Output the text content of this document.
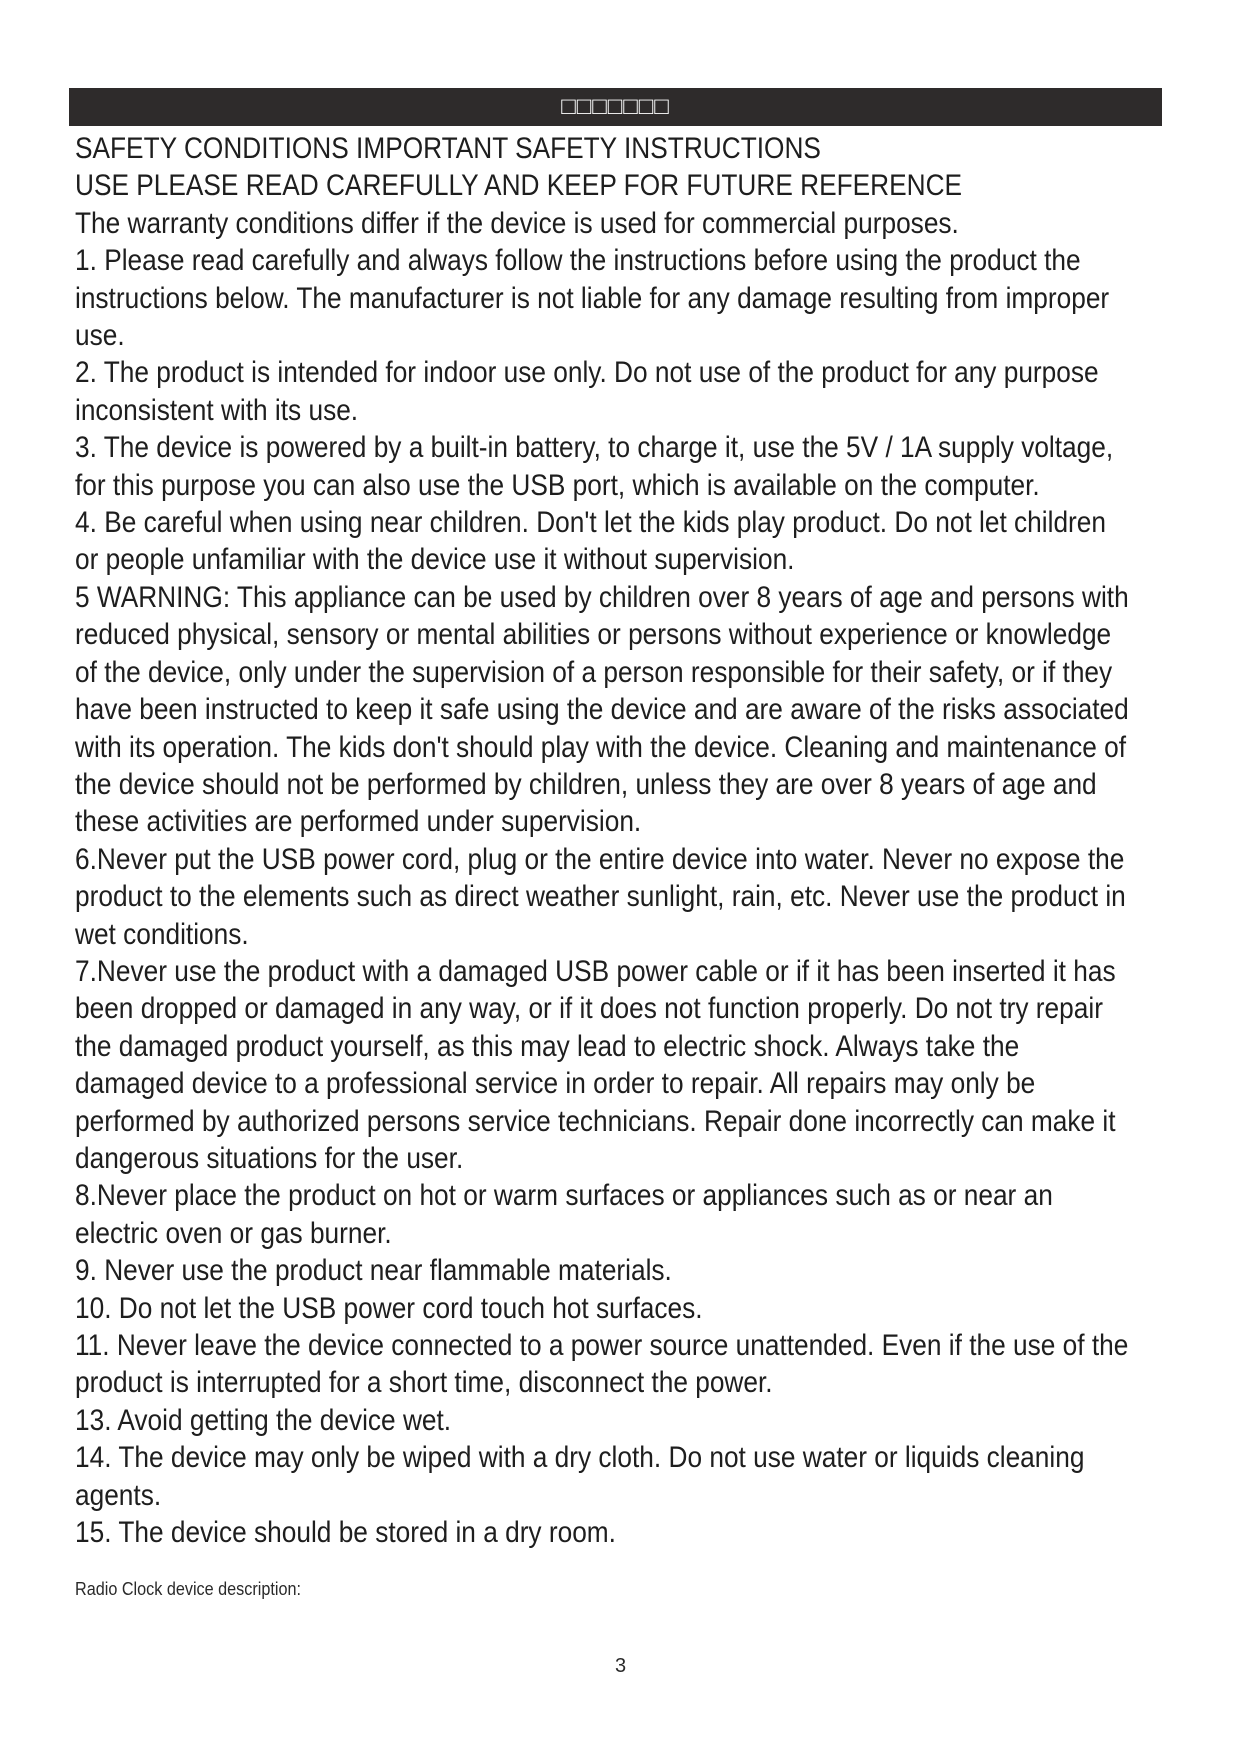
□□□□□□□
SAFETY CONDITIONS IMPORTANT SAFETY INSTRUCTIONS
USE PLEASE READ CAREFULLY AND KEEP FOR FUTURE REFERENCE
The warranty conditions differ if the device is used for commercial purposes.
1. Please read carefully and always follow the instructions before using the product the
instructions below. The manufacturer is not liable for any damage resulting from improper
use.
2. The product is intended for indoor use only. Do not use of the product for any purpose
inconsistent with its use.
3. The device is powered by a built-in battery, to charge it, use the 5V / 1A supply voltage,
for this purpose you can also use the USB port, which is available on the computer.
4. Be careful when using near children. Don't let the kids play product. Do not let children
or people unfamiliar with the device use it without supervision.
5 WARNING: This appliance can be used by children over 8 years of age and persons with
reduced physical, sensory or mental abilities or persons without experience or knowledge
of the device, only under the supervision of a person responsible for their safety, or if they
have been instructed to keep it safe using the device and are aware of the risks associated
with its operation. The kids don't should play with the device. Cleaning and maintenance of
the device should not be performed by children, unless they are over 8 years of age and
these activities are performed under supervision.
6.Never put the USB power cord, plug or the entire device into water. Never no expose the
product to the elements such as direct weather sunlight, rain, etc. Never use the product in
wet conditions.
7.Never use the product with a damaged USB power cable or if it has been inserted it has
been dropped or damaged in any way, or if it does not function properly. Do not try repair
the damaged product yourself, as this may lead to electric shock. Always take the
damaged device to a professional service in order to repair. All repairs may only be
performed by authorized persons service technicians. Repair done incorrectly can make it
dangerous situations for the user.
8.Never place the product on hot or warm surfaces or appliances such as or near an
electric oven or gas burner.
9. Never use the product near flammable materials.
10. Do not let the USB power cord touch hot surfaces.
11. Never leave the device connected to a power source unattended. Even if the use of the
product is interrupted for a short time, disconnect the power.
13. Avoid getting the device wet.
14. The device may only be wiped with a dry cloth. Do not use water or liquids cleaning
agents.
15. The device should be stored in a dry room.
Radio Clock device description:
3
